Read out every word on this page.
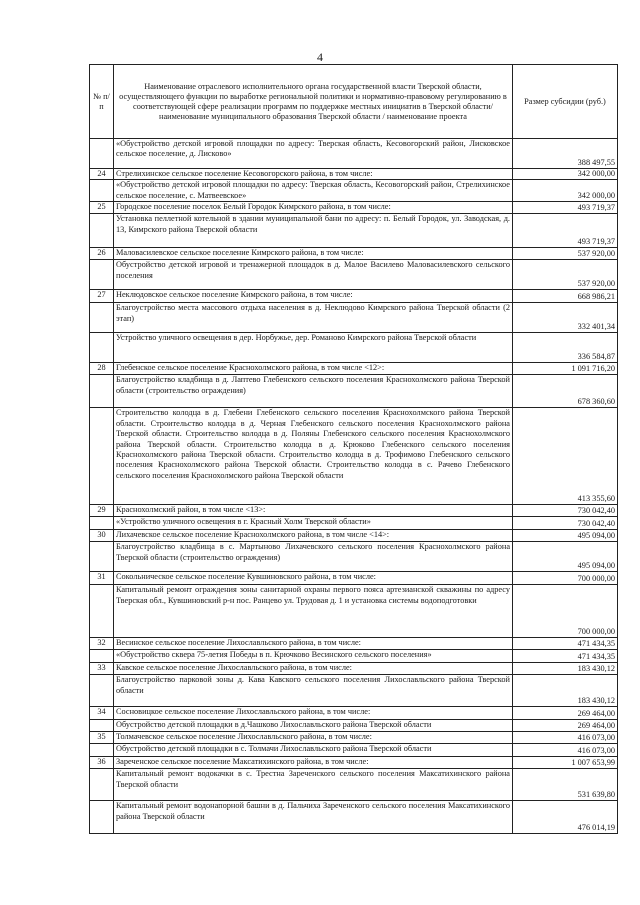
4
№ п/п	Наименование отраслевого исполнительного органа государственной власти Тверской области, осуществляющего функции по выработке региональной политики и нормативно-правовому регулированию в соответствующей сфере реализации программ по поддержке местных инициатив в Тверской области/ наименование муниципального образования Тверской области / наименование проекта	Размер субсидии (руб.)
	«Обустройство детской игровой площадки по адресу: Тверская область, Кесовогорский район, Лисковское сельское поселение, д. Лисково»	388 497,55
24	Стрелихинское сельское поселение Кесовогорского района, в том числе:	342 000,00
	«Обустройство детской игровой площадки по адресу: Тверская область, Кесовогорский район, Стрелихинское сельское поселение, с. Матвеевское»	342 000,00
25	Городское поселение поселок Белый Городок Кимрского района, в том числе:	493 719,37
	Установка пеллетной котельной в здании муниципальной бани по адресу: п. Белый Городок, ул. Заводская, д. 13, Кимрского района Тверской области	493 719,37
26	Маловасилевское сельское поселение Кимрского района, в том числе:	537 920,00
	Обустройство детской игровой и тренажерной площадок в д. Малое Василево Маловасилевского сельского поселения	537 920,00
27	Неклюдовское сельское поселение Кимрского района, в том числе:	668 986,21
	Благоустройство места массового отдыха населения в д. Неклюдово Кимрского района Тверской области (2 этап)	332 401,34
	Устройство уличного освещения в дер. Норбужье, дер. Романово Кимрского района Тверской области	336 584,87
28	Глебенское сельское поселение Краснохолмского района, в том числе <12>:	1 091 716,20
	Благоустройство кладбища в д. Лаптево Глебенского сельского поселения Краснохолмского района Тверской области (строительство ограждения)	678 360,60
	Строительство колодца в д. Глебени Глебенского сельского поселения Краснохолмского района Тверской области. Строительство колодца в д. Черная Глебенского сельского поселения Краснохолмского района Тверской области. Строительство колодца в д. Поляны Глебенского сельского поселения Краснохолмского района Тверской области. Строительство колодца в д. Крюково Глебенского сельского поселения Краснохолмского района Тверской области. Строительство колодца в д. Трофимово Глебенского сельского поселения Краснохолмского района Тверской области. Строительство колодца в с. Рачево Глебенского сельского поселения Краснохолмского района Тверской области	413 355,60
29	Краснохолмский район, в том числе <13>:	730 042,40
	«Устройство уличного освещения в г. Красный Холм Тверской области»	730 042,40
30	Лихачевское сельское поселение Краснохолмского района, в том числе <14>:	495 094,00
	Благоустройство кладбища в с. Мартыново Лихачевского сельского поселения Краснохолмского района Тверской области (строительство ограждения)	495 094,00
31	Сокольническое сельское поселение Кувшиновского района, в том числе:	700 000,00
	Капитальный ремонт ограждения зоны санитарной охраны первого пояса артезианской скважины по адресу Тверская обл., Кувшиновский р-н пос. Ранцево ул. Трудовая д. 1 и установка системы водоподготовки	700 000,00
32	Весинское сельское поселение Лихославльского района, в том числе:	471 434,35
	«Обустройство сквера 75-летия Победы в п. Крючково Весинского сельского поселения»	471 434,35
33	Кавское сельское поселение Лихославльского района, в том числе:	183 430,12
	Благоустройство парковой зоны д. Кава Кавского сельского поселения Лихославльского района Тверской области	183 430,12
34	Сосновицкое сельское поселение Лихославльского района, в том числе:	269 464,00
	Обустройство детской площадки в д.Чашково Лихославльского района Тверской области	269 464,00
35	Толмачевское сельское поселение Лихославльского района, в том числе:	416 073,00
	Обустройство детской площадки в с. Толмачи Лихославльского района Тверской области	416 073,00
36	Зареченское сельское поселение Максатихинского района, в том числе:	1 007 653,99
	Капитальный ремонт водокачки в с. Трестна Зареченского сельского поселения Максатихинского района Тверской области	531 639,80
	Капитальный ремонт водонапорной башни в д. Пальчиха Зареченского сельского поселения Максатихинского района Тверской области	476 014,19
